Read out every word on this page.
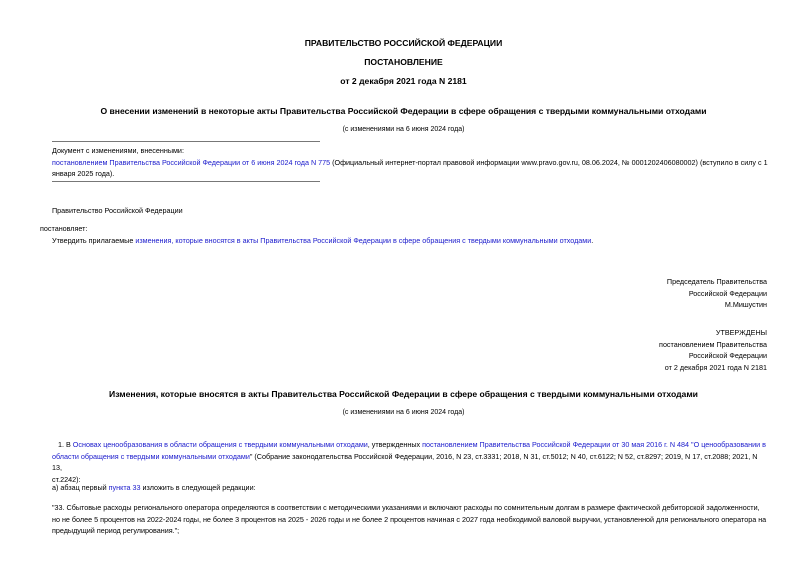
ПРАВИТЕЛЬСТВО РОССИЙСКОЙ ФЕДЕРАЦИИ
ПОСТАНОВЛЕНИЕ
от 2 декабря 2021 года N 2181
О внесении изменений в некоторые акты Правительства Российской Федерации в сфере обращения с твердыми коммунальными отходами
(с изменениями на 6 июня 2024 года)

Документ с изменениями, внесенными:

постановлением Правительства Российской Федерации от 6 июня 2024 года N 775 (Официальный интернет-портал правовой информации www.pravo.gov.ru, 08.06.2024, № 0001202406080002) (вступило в силу с 1

января 2025 года).

Правительство Российской Федерации
постановляет:
Утвердить прилагаемые изменения, которые вносятся в акты Правительства Российской Федерации в сфере обращения с твердыми коммунальными отходами.

Председатель Правительства

Российской Федерации

М.Мишустин

УТВЕРЖДЕНЫ

постановлением Правительства

Российской Федерации

от 2 декабря 2021 года N 2181

Изменения, которые вносятся в акты Правительства Российской Федерации в сфере обращения с твердыми коммунальными отходами
(с изменениями на 6 июня 2024 года)

1. В Основах ценообразования в области обращения с твердыми коммунальными отходами, утвержденных постановлением Правительства Российской Федерации от 30 мая 2016 г. N 484 "О ценообразовании в

области обращения с твердыми коммунальными отходами" (Собрание законодательства Российской Федерации, 2016, N 23, ст.3331; 2018, N 31, ст.5012; N 40, ст.6122; N 52, ст.8297; 2019, N 17, ст.2088; 2021, N 13,

ст.2242):

а) абзац первый пункта 33 изложить в следующей редакции:

"33. Сбытовые расходы регионального оператора определяются в соответствии с методическими указаниями и включают расходы по сомнительным долгам в размере фактической дебиторской задолженности,

но не более 5 процентов на 2022-2024 годы, не более 3 процентов на 2025 - 2026 годы и не более 2 процентов начиная с 2027 года необходимой валовой выручки, установленной для регионального оператора на

предыдущий период регулирования.";
